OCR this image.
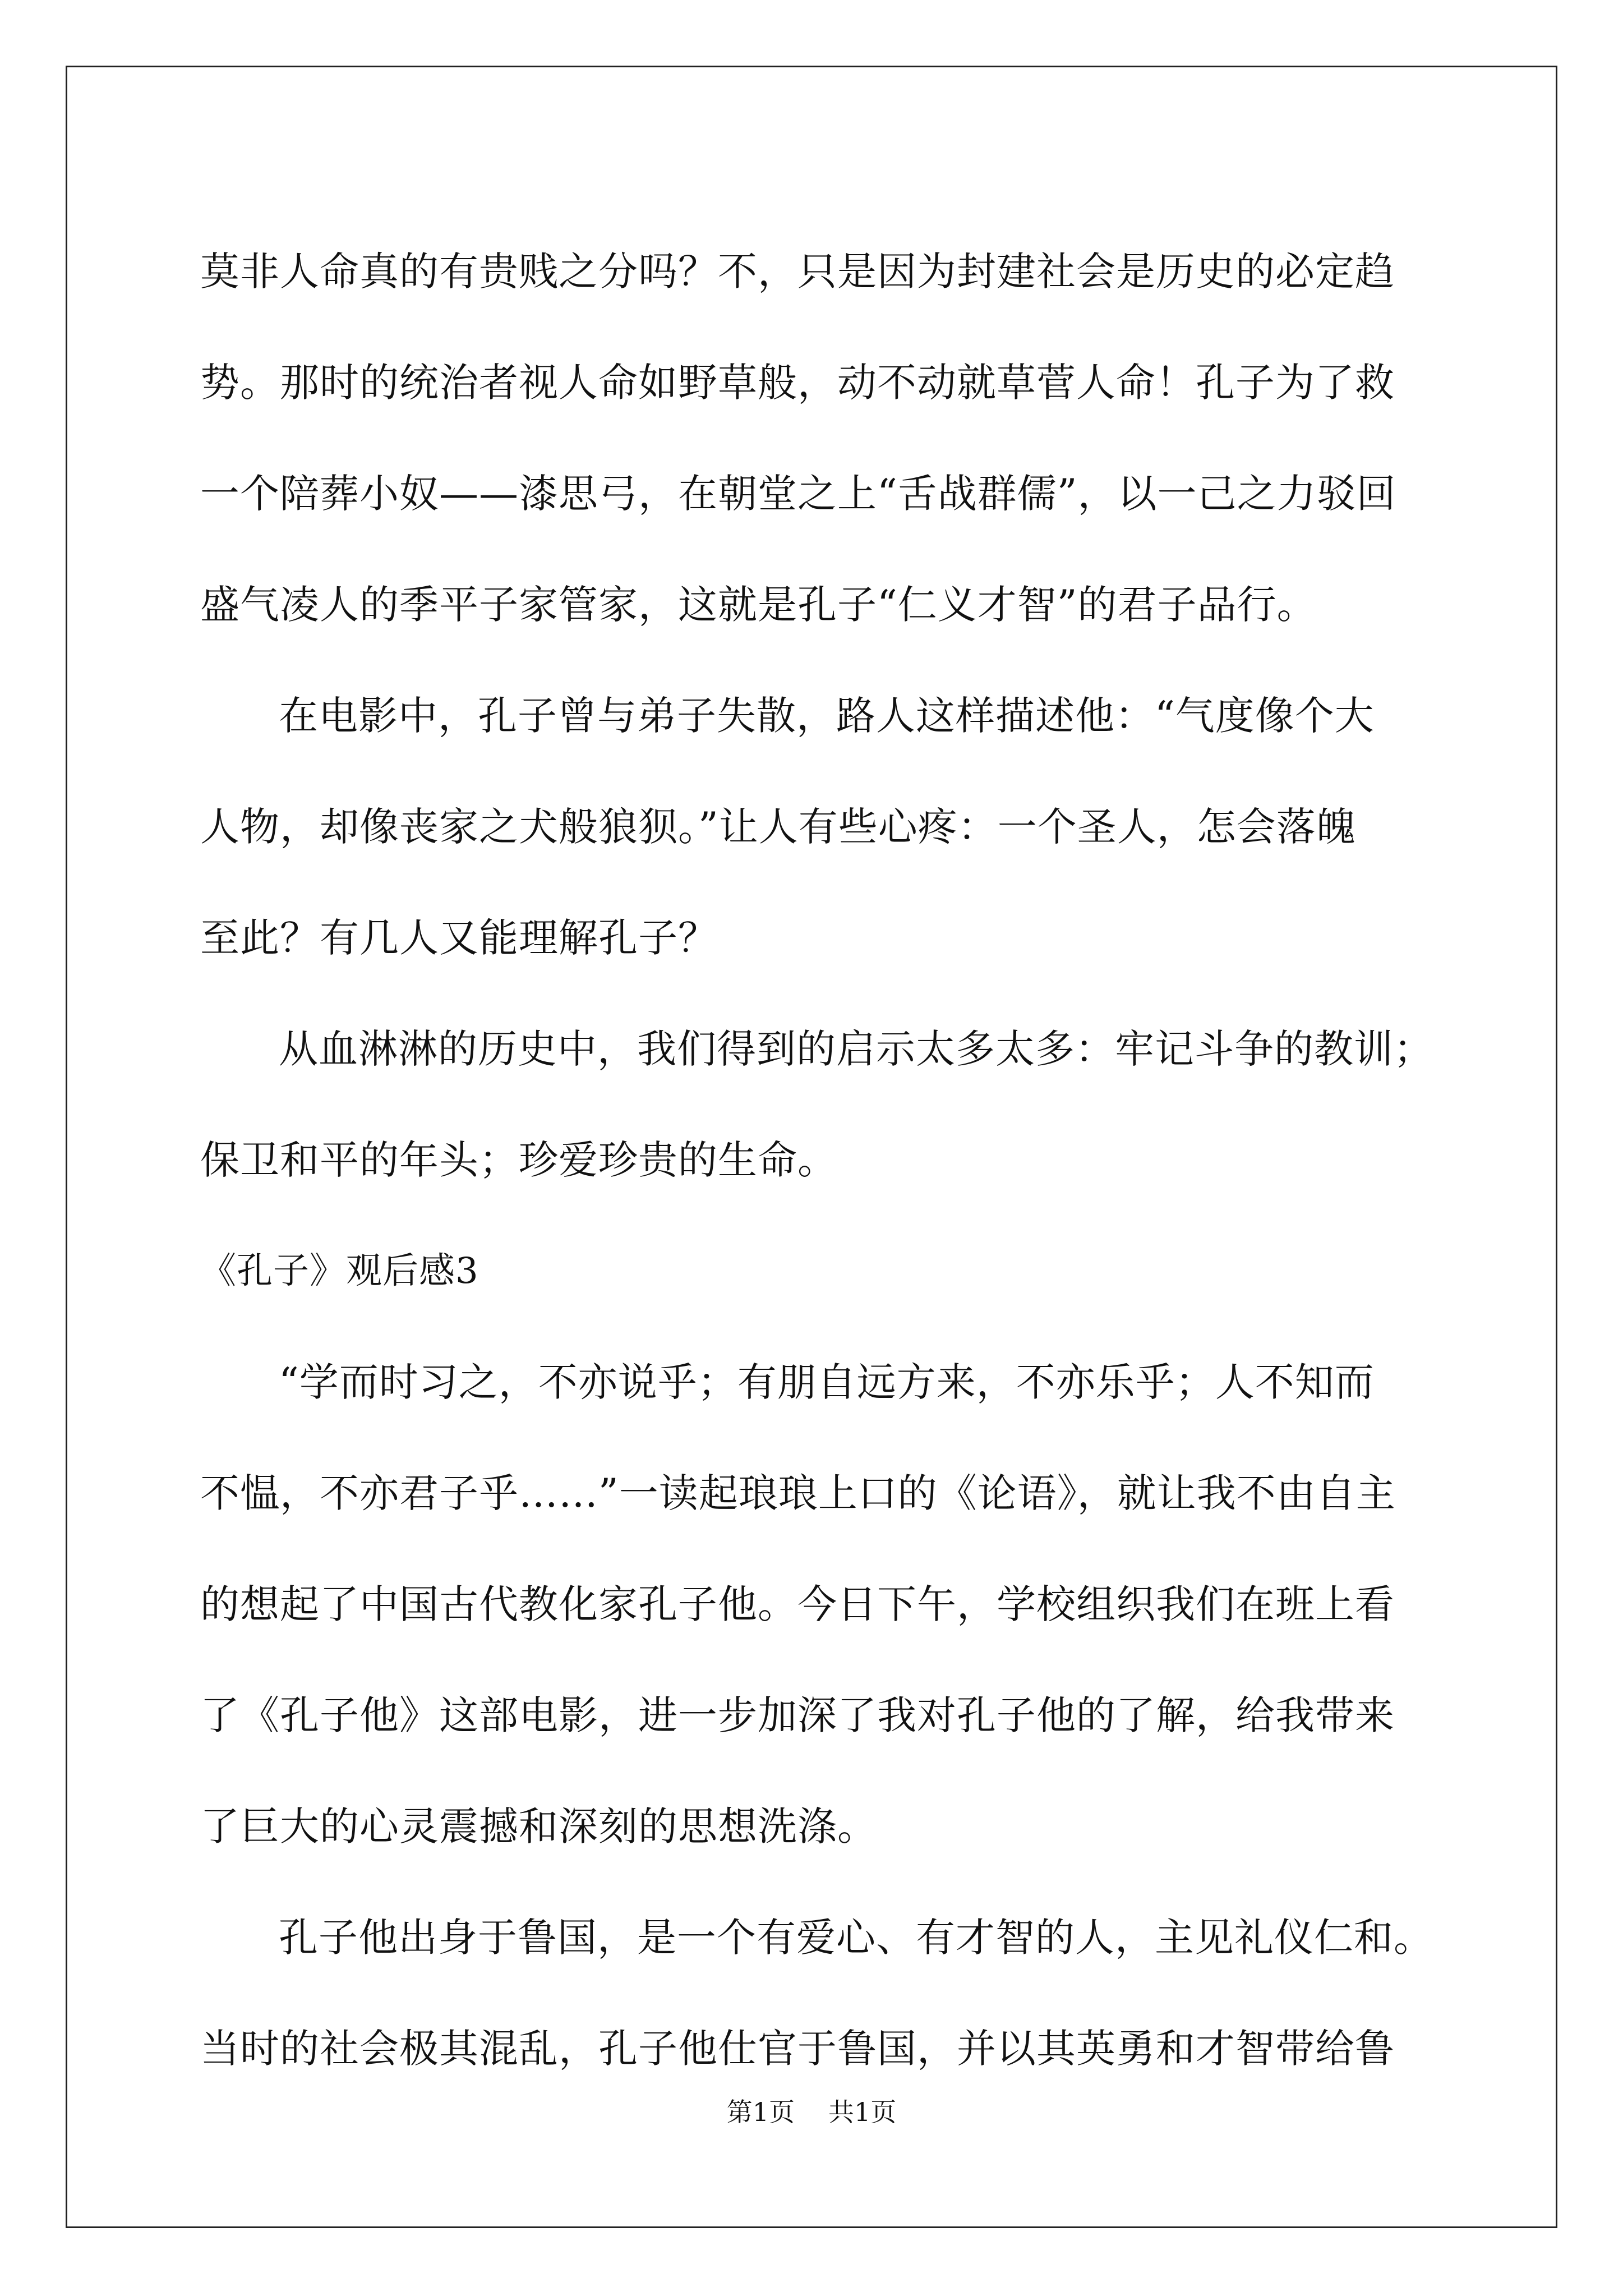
莫非人命真的有贵贱之分吗？不，只是因为封建社会是历史的必定趋
势。那时的统治者视人命如野草般，动不动就草菅人命！孔子为了救
一个陪葬小奴——漆思弓，在朝堂之上“舌战群儒”，以一己之力驳回
盛气凌人的季平子家管家，这就是孔子“仁义才智”的君子品行。
在电影中，孔子曾与弟子失散，路人这样描述他：“气度像个大
人物，却像丧家之犬般狼狈。”让人有些心疼：一个圣人，怎会落魄
至此？有几人又能理解孔子？
从血淋淋的历史中，我们得到的启示太多太多：牢记斗争的教训；
保卫和平的年头；珍爱珍贵的生命。
《孔子》观后感3
“学而时习之，不亦说乎；有朋自远方来，不亦乐乎；人不知而
不愠，不亦君子乎……”一读起琅琅上口的《论语》，就让我不由自主
的想起了中国古代教化家孔子他。今日下午，学校组织我们在班上看
了《孔子他》这部电影，进一步加深了我对孔子他的了解，给我带来
了巨大的心灵震撼和深刻的思想洗涤。
孔子他出身于鲁国，是一个有爱心、有才智的人，主见礼仪仁和。
当时的社会极其混乱，孔子他仕官于鲁国，并以其英勇和才智带给鲁
第1页 共1页
